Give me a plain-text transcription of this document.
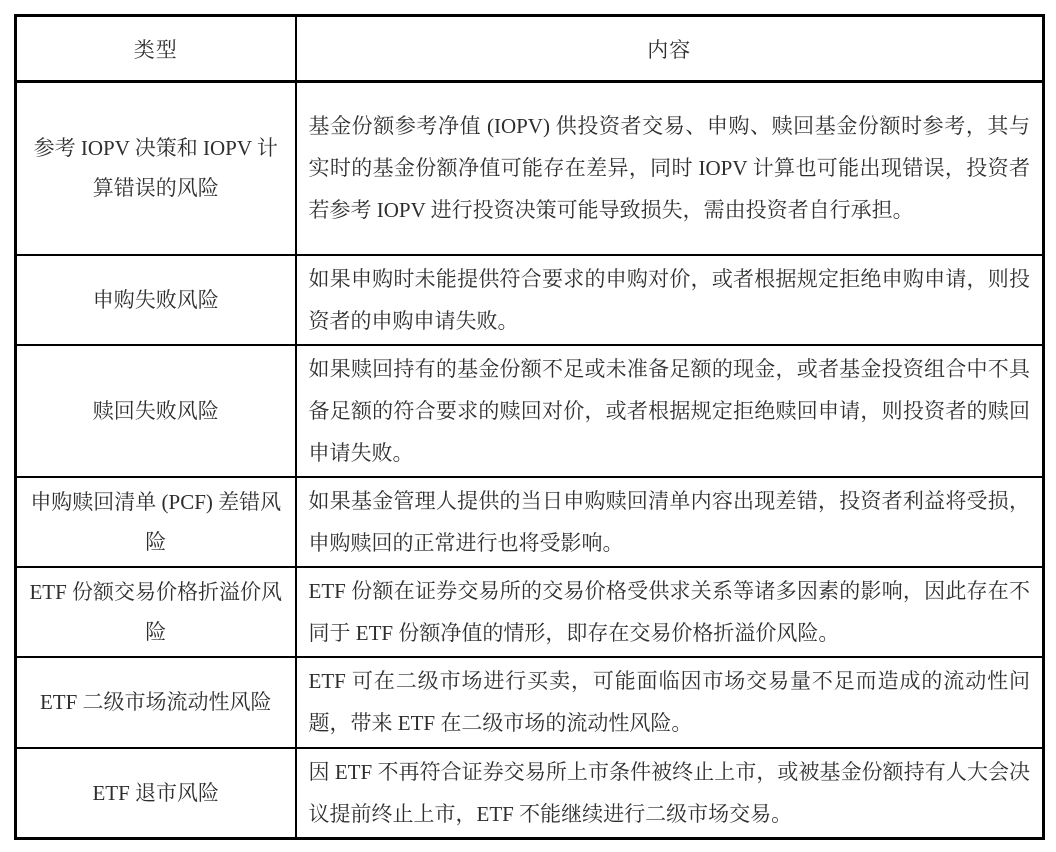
类型	内容
参考 IOPV 决策和 IOPV 计算错误的风险	基金份额参考净值 (IOPV) 供投资者交易、申购、赎回基金份额时参考，其与实时的基金份额净值可能存在差异，同时 IOPV 计算也可能出现错误，投资者若参考 IOPV 进行投资决策可能导致损失，需由投资者自行承担。
申购失败风险	如果申购时未能提供符合要求的申购对价，或者根据规定拒绝申购申请，则投资者的申购申请失败。
赎回失败风险	如果赎回持有的基金份额不足或未准备足额的现金，或者基金投资组合中不具备足额的符合要求的赎回对价，或者根据规定拒绝赎回申请，则投资者的赎回申请失败。
申购赎回清单 (PCF) 差错风险	如果基金管理人提供的当日申购赎回清单内容出现差错，投资者利益将受损，申购赎回的正常进行也将受影响。
ETF 份额交易价格折溢价风险	ETF 份额在证券交易所的交易价格受供求关系等诸多因素的影响，因此存在不同于 ETF 份额净值的情形，即存在交易价格折溢价风险。
ETF 二级市场流动性风险	ETF 可在二级市场进行买卖，可能面临因市场交易量不足而造成的流动性问题，带来 ETF 在二级市场的流动性风险。
ETF 退市风险	因 ETF 不再符合证券交易所上市条件被终止上市，或被基金份额持有人大会决议提前终止上市，ETF 不能继续进行二级市场交易。
